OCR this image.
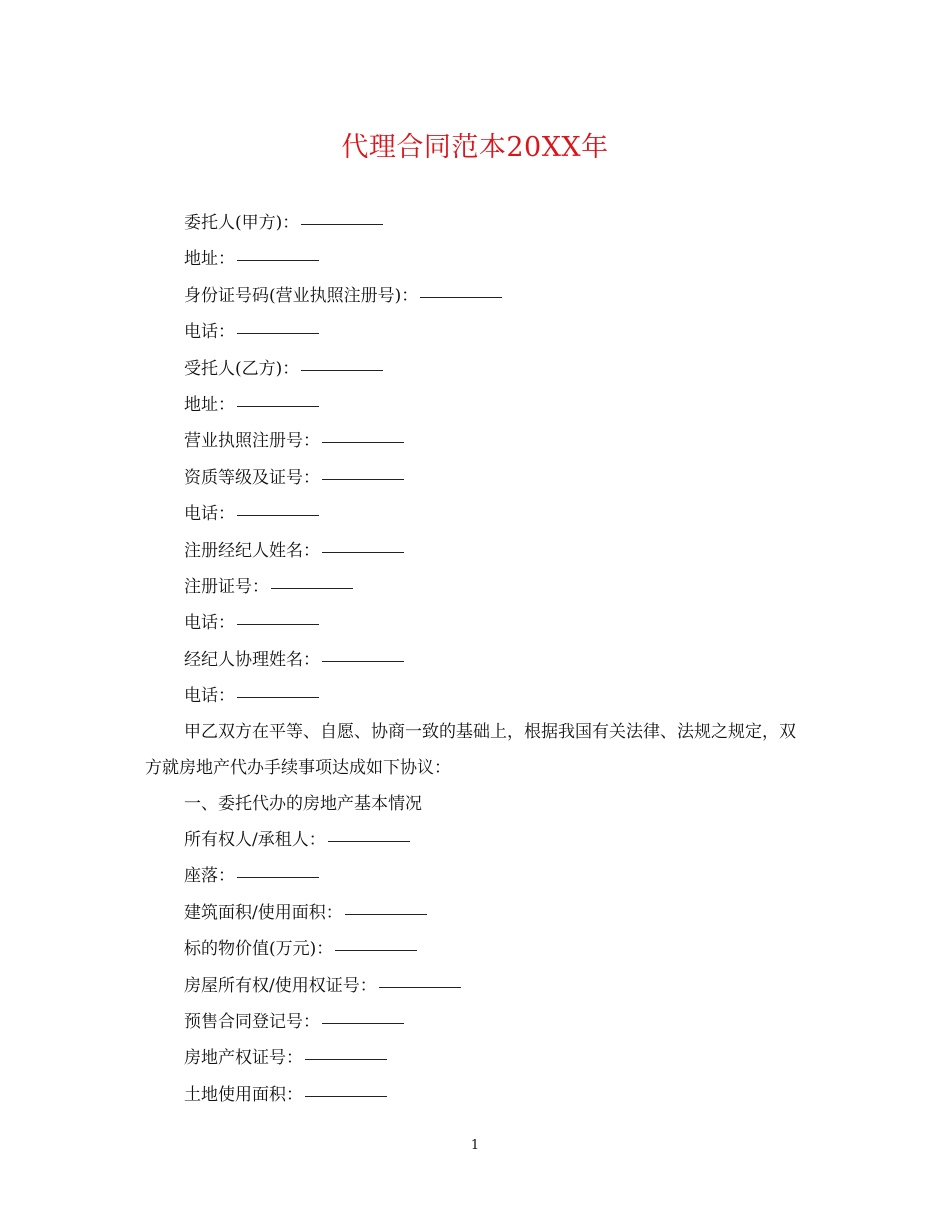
代理合同范本20XX年
委托人(甲方)：
地址：
身份证号码(营业执照注册号)：
电话：
受托人(乙方)：
地址：
营业执照注册号：
资质等级及证号：
电话：
注册经纪人姓名：
注册证号：
电话：
经纪人协理姓名：
电话：
甲乙双方在平等、自愿、协商一致的基础上，根据我国有关法律、法规之规定，双方就房地产代办手续事项达成如下协议：
一、委托代办的房地产基本情况
所有权人/承租人：
座落：
建筑面积/使用面积：
标的物价值(万元)：
房屋所有权/使用权证号：
预售合同登记号：
房地产权证号：
土地使用面积：
1
